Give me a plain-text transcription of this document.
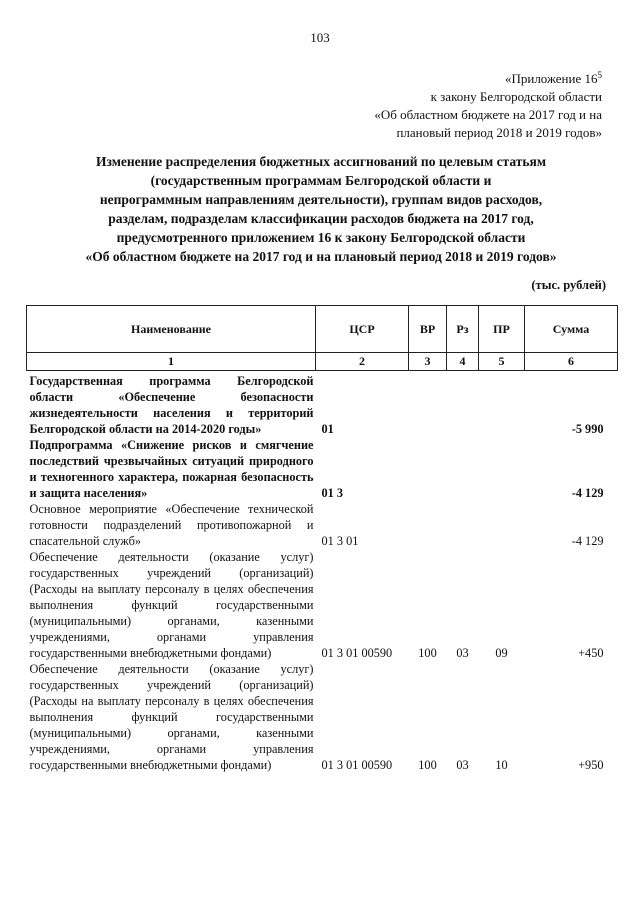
103
«Приложение $16^5$
к закону Белгородской области
«Об областном бюджете на 2017 год и на
плановый период 2018 и 2019 годов»
Изменение распределения бюджетных ассигнований по целевым статьям
(государственным программам Белгородской области и
непрограммным направлениям деятельности), группам видов расходов,
разделам, подразделам классификации расходов бюджета на 2017 год,
предусмотренного приложением 16 к закону Белгородской области
«Об областном бюджете на 2017 год и на плановый период 2018 и 2019 годов»
(тыс. рублей)
Наименование	ЦСР	ВР	Рз	ПР	Сумма
1	2	3	4	5	6
Государственная программа Белгородской области «Обеспечение безопасности жизнедеятельности населения и территорий Белгородской области на 2014-2020 годы»	01				-5 990
Подпрограмма «Снижение рисков и смягчение последствий чрезвычайных ситуаций природного и техногенного характера, пожарная безопасность и защита населения»	01 3				-4 129
Основное мероприятие «Обеспечение технической готовности подразделений противопожарной и спасательной служб»	01 3 01				-4 129
Обеспечение деятельности (оказание услуг) государственных учреждений (организаций) (Расходы на выплату персоналу в целях обеспечения выполнения функций государственными (муниципальными) органами, казенными учреждениями, органами управления государственными внебюджетными фондами)	01 3 01 00590	100	03	09	+450
Обеспечение деятельности (оказание услуг) государственных учреждений (организаций) (Расходы на выплату персоналу в целях обеспечения выполнения функций государственными (муниципальными) органами, казенными учреждениями, органами управления государственными внебюджетными фондами)	01 3 01 00590	100	03	10	+950
